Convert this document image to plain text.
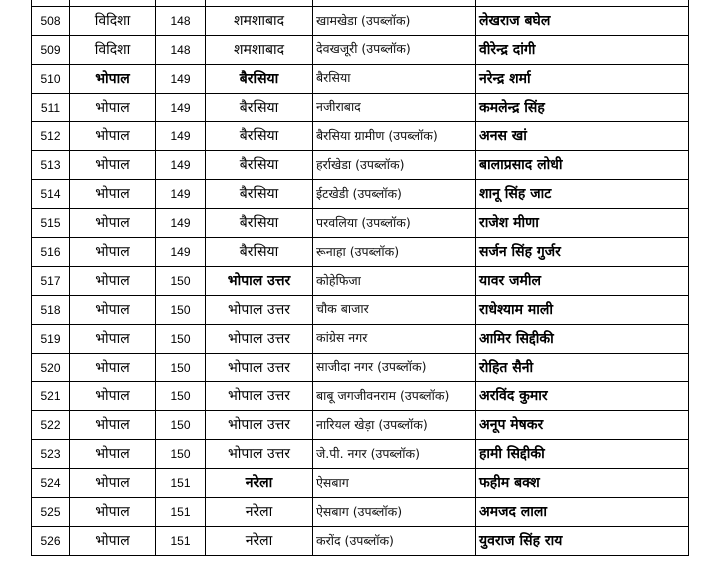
508	विदिशा	148	शमशाबाद	खामखेडा (उपब्लॉक)	लेखराज बघेल
509	विदिशा	148	शमशाबाद	देवखजूरी (उपब्लॉक)	वीरेन्द्र दांगी
510	भोपाल	149	बैरसिया	बैरसिया	नरेन्द्र शर्मा
511	भोपाल	149	बैरसिया	नजीराबाद	कमलेन्द्र सिंह
512	भोपाल	149	बैरसिया	बैरसिया ग्रामीण (उपब्लॉक)	अनस खां
513	भोपाल	149	बैरसिया	हर्राखेडा (उपब्लॉक)	बालाप्रसाद लोधी
514	भोपाल	149	बैरसिया	ईटखेडी (उपब्लॉक)	शानू सिंह जाट
515	भोपाल	149	बैरसिया	परवलिया (उपब्लॉक)	राजेश मीणा
516	भोपाल	149	बैरसिया	रूनाहा (उपब्लॉक)	सर्जन सिंह गुर्जर
517	भोपाल	150	भोपाल उत्तर	कोहेफिजा	यावर जमील
518	भोपाल	150	भोपाल उत्तर	चौक बाजार	राधेश्याम माली
519	भोपाल	150	भोपाल उत्तर	कांग्रेस नगर	आमिर सिद्दीकी
520	भोपाल	150	भोपाल उत्तर	साजीदा नगर (उपब्लॉक)	रोहित सैनी
521	भोपाल	150	भोपाल उत्तर	बाबू जगजीवनराम (उपब्लॉक)	अरविंद कुमार
522	भोपाल	150	भोपाल उत्तर	नारियल खेड़ा (उपब्लॉक)	अनूप मेषकर
523	भोपाल	150	भोपाल उत्तर	जे.पी. नगर (उपब्लॉक)	हामी सिद्दीकी
524	भोपाल	151	नरेला	ऐसबाग	फहीम बक्श
525	भोपाल	151	नरेला	ऐसबाग (उपब्लॉक)	अमजद लाला
526	भोपाल	151	नरेला	करोंद (उपब्लॉक)	युवराज सिंह राय
